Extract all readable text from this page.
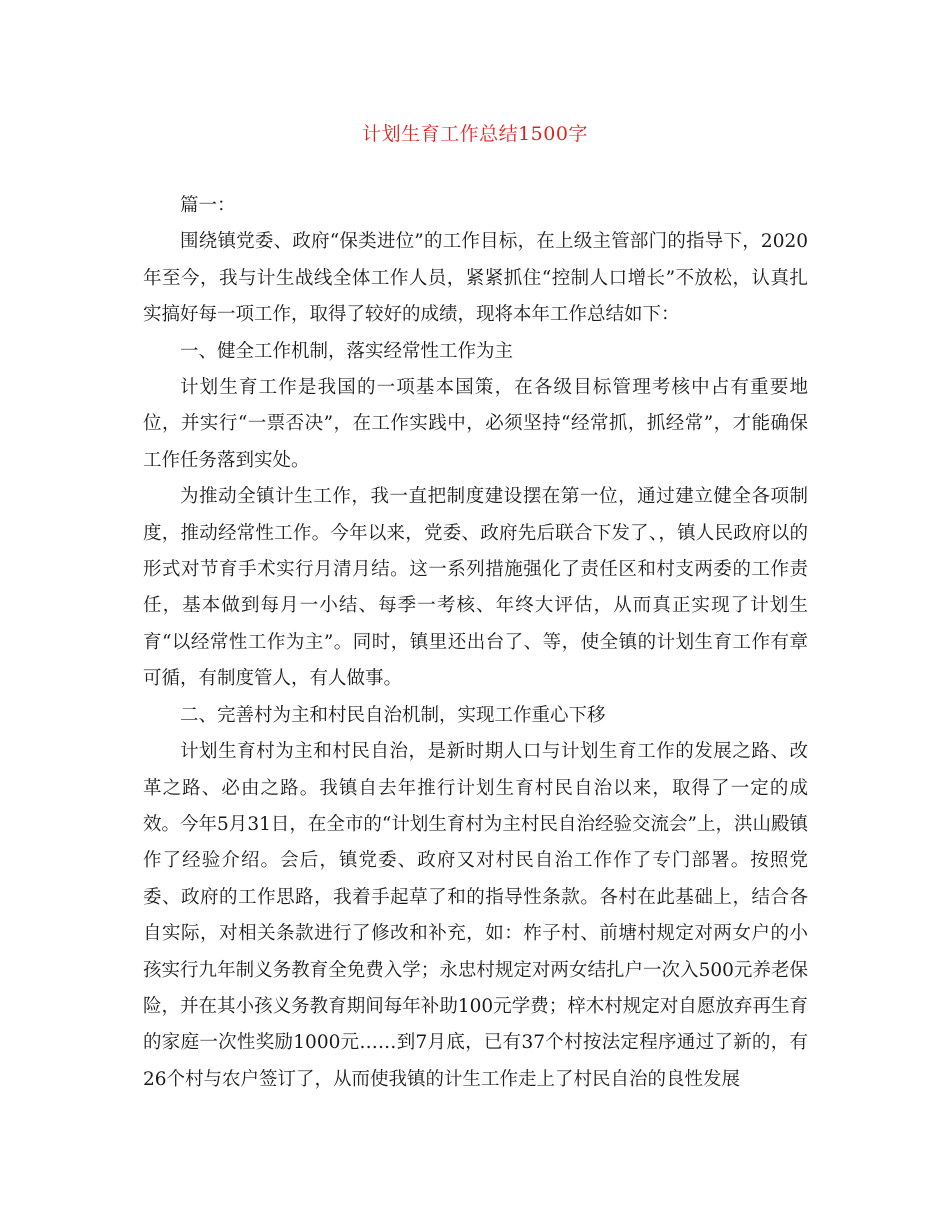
计划生育工作总结1500字

篇一：

围绕镇党委、政府“保类进位”的工作目标，在上级主管部门的指导下，2020年至今，我与计生战线全体工作人员，紧紧抓住“控制人口增长”不放松，认真扎实搞好每一项工作，取得了较好的成绩，现将本年工作总结如下：

一、健全工作机制，落实经常性工作为主

计划生育工作是我国的一项基本国策，在各级目标管理考核中占有重要地位，并实行“一票否决”，在工作实践中，必须坚持“经常抓，抓经常”，才能确保工作任务落到实处。

为推动全镇计生工作，我一直把制度建设摆在第一位，通过建立健全各项制度，推动经常性工作。今年以来，党委、政府先后联合下发了、，镇人民政府以的形式对节育手术实行月清月结。这一系列措施强化了责任区和村支两委的工作责任，基本做到每月一小结、每季一考核、年终大评估，从而真正实现了计划生育“以经常性工作为主”。同时，镇里还出台了、等，使全镇的计划生育工作有章可循，有制度管人，有人做事。

二、完善村为主和村民自治机制，实现工作重心下移

计划生育村为主和村民自治，是新时期人口与计划生育工作的发展之路、改革之路、必由之路。我镇自去年推行计划生育村民自治以来，取得了一定的成效。今年5月31日，在全市的“计划生育村为主村民自治经验交流会”上，洪山殿镇作了经验介绍。会后，镇党委、政府又对村民自治工作作了专门部署。按照党委、政府的工作思路，我着手起草了和的指导性条款。各村在此基础上，结合各自实际，对相关条款进行了修改和补充，如：柞子村、前塘村规定对两女户的小孩实行九年制义务教育全免费入学；永忠村规定对两女结扎户一次入500元养老保险，并在其小孩义务教育期间每年补助100元学费；梓木村规定对自愿放弃再生育的家庭一次性奖励1000元……到7月底，已有37个村按法定程序通过了新的，有26个村与农户签订了，从而使我镇的计生工作走上了村民自治的良性发展
